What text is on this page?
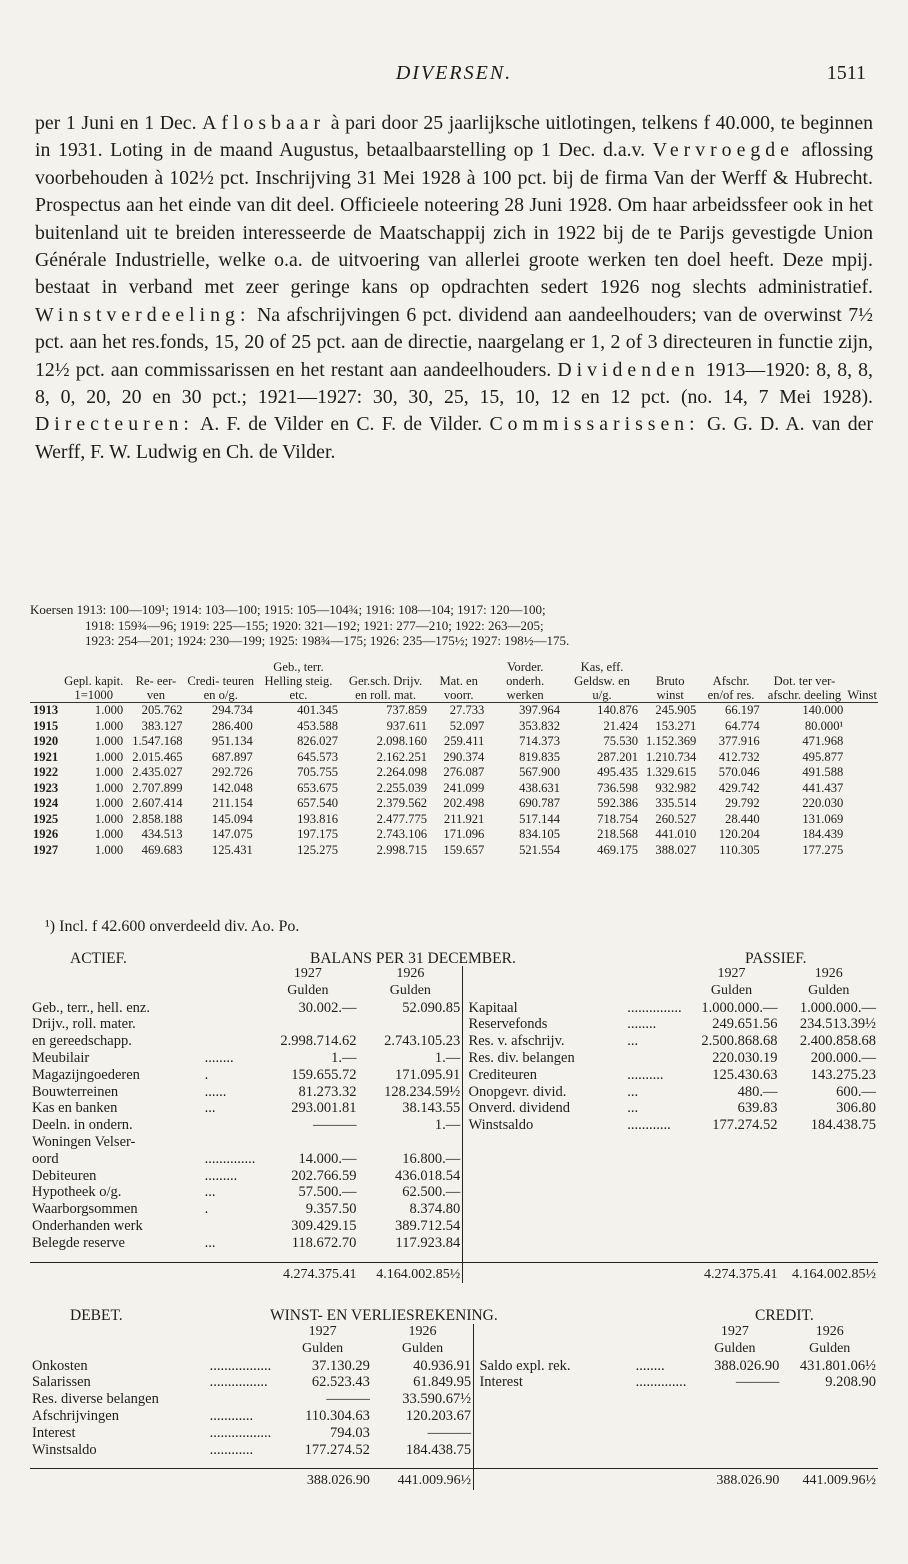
DIVERSEN.	1511
per 1 Juni en 1 Dec. Aflosbaar à pari door 25 jaarlijksche uitlotingen, telkens f 40.000, te beginnen in 1931. Loting in de maand Augustus, betaalbaarstelling op 1 Dec. d.a.v. Vervroegde aflossing voorbehouden à 102½ pct. Inschrijving 31 Mei 1928 à 100 pct. bij de firma Van der Werff & Hubrecht. Prospectus aan het einde van dit deel. Officieele noteering 28 Juni 1928. Om haar arbeidssfeer ook in het buitenland uit te breiden interesseerde de Maatschappij zich in 1922 bij de te Parijs gevestigde Union Générale Industrielle, welke o.a. de uitvoering van allerlei groote werken ten doel heeft. Deze mpij. bestaat in verband met zeer geringe kans op opdrachten sedert 1926 nog slechts administratief. Winstverdeeling: Na afschrijvingen 6 pct. dividend aan aandeelhouders; van de overwinst 7½ pct. aan het res.fonds, 15, 20 of 25 pct. aan de directie, naargelang er 1, 2 of 3 directeuren in functie zijn, 12½ pct. aan commissarissen en het restant aan aandeelhouders. Dividenden 1913—1920: 8, 8, 8, 8, 0, 20, 20 en 30 pct.; 1921—1927: 30, 30, 25, 15, 10, 12 en 12 pct. (no. 14, 7 Mei 1928). Directeuren: A. F. de Vilder en C. F. de Vilder. Commissarissen: G. G. D. A. van der Werff, F. W. Ludwig en Ch. de Vilder.
Koersen 1913: 100—109¹; 1914: 103—100; 1915: 105—104¾; 1916: 108—104; 1917: 120—100;
1918: 159¾—96; 1919: 225—155; 1920: 321—192; 1921: 277—210; 1922: 263—205;
1923: 254—201; 1924: 230—199; 1925: 198¾—175; 1926: 235—175½; 1927: 198½—175.
	Gepl. kapit. 1=1000	Re- eer- ven	Credi- teuren en o/g.	Geb., terr. Helling steig. etc.	Ger.sch. Drijv. en roll. mat.	Mat. en voorr.	Vorder. onderh. werken	Kas, eff. Geldsw. en u/g.	Bruto winst	Afschr. en/of res.	Dot. ter ver- afschr. deeling	Winst
1913	1.000	205.762	294.734	401.345	737.859	27.733	397.964	140.876	245.905	66.197	140.000	
1915	1.000	383.127	286.400	453.588	937.611	52.097	353.832	21.424	153.271	64.774	80.000¹	
1920	1.000	1.547.168	951.134	826.027	2.098.160	259.411	714.373	75.530	1.152.369	377.916	471.968	
1921	1.000	2.015.465	687.897	645.573	2.162.251	290.374	819.835	287.201	1.210.734	412.732	495.877	
1922	1.000	2.435.027	292.726	705.755	2.264.098	276.087	567.900	495.435	1.329.615	570.046	491.588	
1923	1.000	2.707.899	142.048	653.675	2.255.039	241.099	438.631	736.598	932.982	429.742	441.437	
1924	1.000	2.607.414	211.154	657.540	2.379.562	202.498	690.787	592.386	335.514	29.792	220.030	
1925	1.000	2.858.188	145.094	193.816	2.477.775	211.921	517.144	718.754	260.527	28.440	131.069	
1926	1.000	434.513	147.075	197.175	2.743.106	171.096	834.105	218.568	441.010	120.204	184.439	
1927	1.000	469.683	125.431	125.275	2.998.715	159.657	521.554	469.175	388.027	110.305	177.275	
¹) Incl. f 42.600 onverdeeld div. Ao. Po.
ACTIEF.	BALANS PER 31 DECEMBER.	PASSIEF.
		1927	1926				1927	1926
		Gulden	Gulden				Gulden	Gulden
Geb., terr., hell. enz.		30.002.—	52.090.85		Kapitaal	...............	1.000.000.—	1.000.000.—
Drijv., roll. mater.					Reservefonds	........	249.651.56	234.513.39½
en gereedschapp.		2.998.714.62	2.743.105.23		Res. v. afschrijv.	...	2.500.868.68	2.400.858.68
Meubilair	........	1.—	1.—		Res. div. belangen		220.030.19	200.000.—
Magazijngoederen	.	159.655.72	171.095.91		Crediteuren	..........	125.430.63	143.275.23
Bouwterreinen	......	81.273.32	128.234.59½		Onopgevr. divid.	...	480.—	600.—
Kas en banken	...	293.001.81	38.143.55		Onverd. dividend	...	639.83	306.80
Deeln. in ondern.		———	1.—		Winstsaldo	............	177.274.52	184.438.75
Woningen Velser-								
oord	..............	14.000.—	16.800.—					
Debiteuren	.........	202.766.59	436.018.54					
Hypotheek o/g.	...	57.500.—	62.500.—					
Waarborgsommen	.	9.357.50	8.374.80					
Onderhanden werk		309.429.15	389.712.54					
Belegde reserve	...	118.672.70	117.923.84					

		4.274.375.41	4.164.002.85½				4.274.375.41	4.164.002.85½
DEBET.	WINST- EN VERLIESREKENING.	CREDIT.
		1927	1926				1927	1926
		Gulden	Gulden				Gulden	Gulden
Onkosten	.................	37.130.29	40.936.91		Saldo expl. rek.	........	388.026.90	431.801.06½
Salarissen	................	62.523.43	61.849.95		Interest	..............	———	9.208.90
Res. diverse belangen		———	33.590.67½					
Afschrijvingen	............	110.304.63	120.203.67					
Interest	.................	794.03	———					
Winstsaldo	............	177.274.52	184.438.75					

		388.026.90	441.009.96½				388.026.90	441.009.96½
